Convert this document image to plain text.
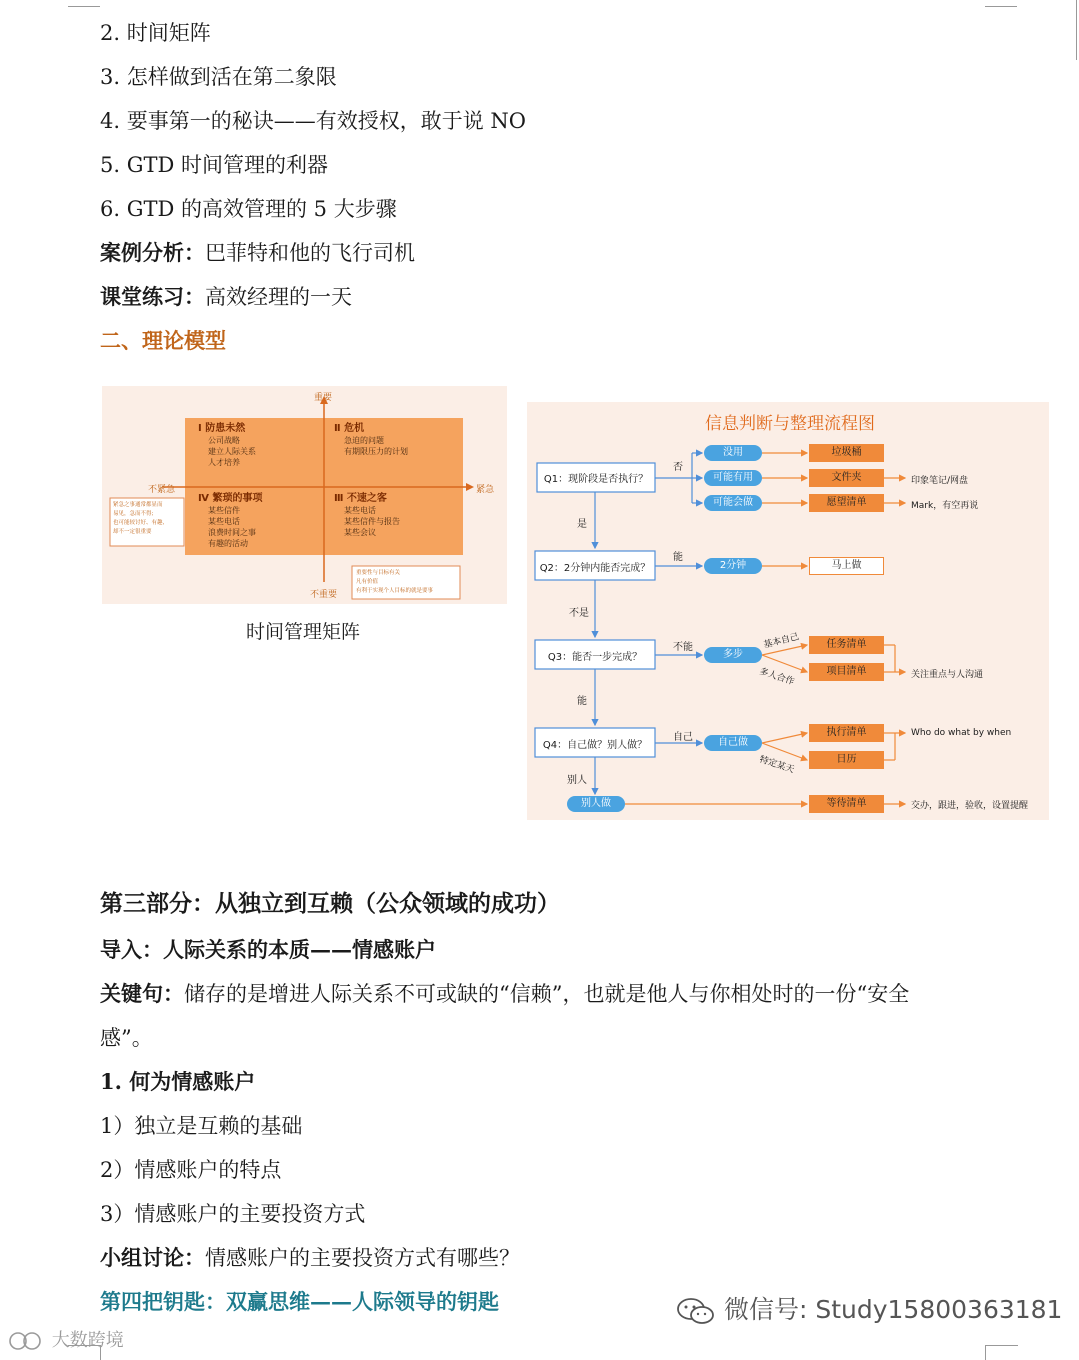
2. 时间矩阵
3. 怎样做到活在第二象限
4. 要事第一的秘诀——有效授权，敢于说 NO
5. GTD 时间管理的利器
6. GTD 的高效管理的 5 大步骤
案例分析：巴菲特和他的飞行司机
课堂练习：高效经理的一天
二、理论模型
重要
不重要
不紧急	紧急
Ⅰ 防患未然
公司战略
建立人际关系
人才培养
Ⅱ 危机
急迫的问题
有期限压力的计划
Ⅳ 繁琐的事项
某些信件
某些电话
浪费时间之事
有趣的活动
Ⅲ 不速之客
某些电话
某些信件与报告
某些会议
紧急之事通常都显而
易见，急而不得;
也可能较讨好、有趣,
却不一定很重要
重要性与目标有关
凡有价值
有利于实现个人目标的就是要事
时间管理矩阵
信息判断与整理流程图
Q1：现阶段是否执行？
Q2：2分钟内能否完成？
Q3：能否一步完成？
Q4：自己做？别人做？
否
是
能
不是
不能
能
自己
别人
没用
可能有用
可能会做
2分钟
多步
自己做
别人做
垃圾桶
文件夹
愿望清单
马上做
任务清单
项目清单
执行清单
日历
等待清单
基本自己
多人合作
特定某天
印象笔记/网盘
Mark，有空再说
关注重点与人沟通
Who do what by when
交办，跟进，验收，设置提醒
第三部分：从独立到互赖（公众领域的成功）
导入：人际关系的本质——情感账户
关键句：储存的是增进人际关系不可或缺的“信赖”，也就是他人与你相处时的一份“安全
感”。
1. 何为情感账户
1）独立是互赖的基础
2）情感账户的特点
3）情感账户的主要投资方式
小组讨论：情感账户的主要投资方式有哪些？
第四把钥匙：双赢思维——人际领导的钥匙	微信号: Study15800363181
大数跨境
